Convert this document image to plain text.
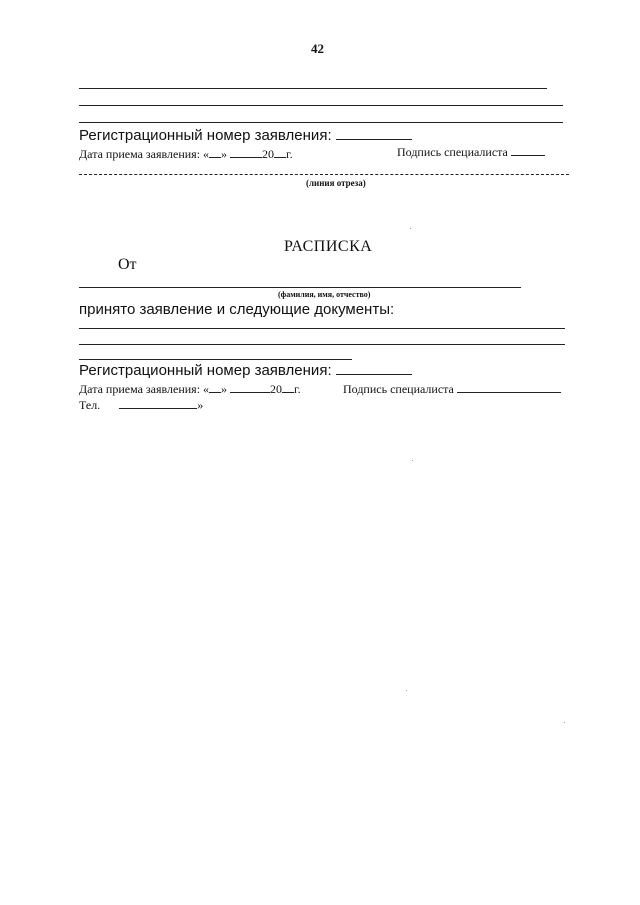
42
Регистрационный номер заявления:
Дата приема заявления: « »	20 г.	Подпись специалиста
(линия отреза)
РАСПИСКА
От
(фамилия, имя, отчество)
принято заявление и следующие документы:
Регистрационный номер заявления:
Дата приема заявления: « »	20 г.	Подпись специалиста
Тел.	»
